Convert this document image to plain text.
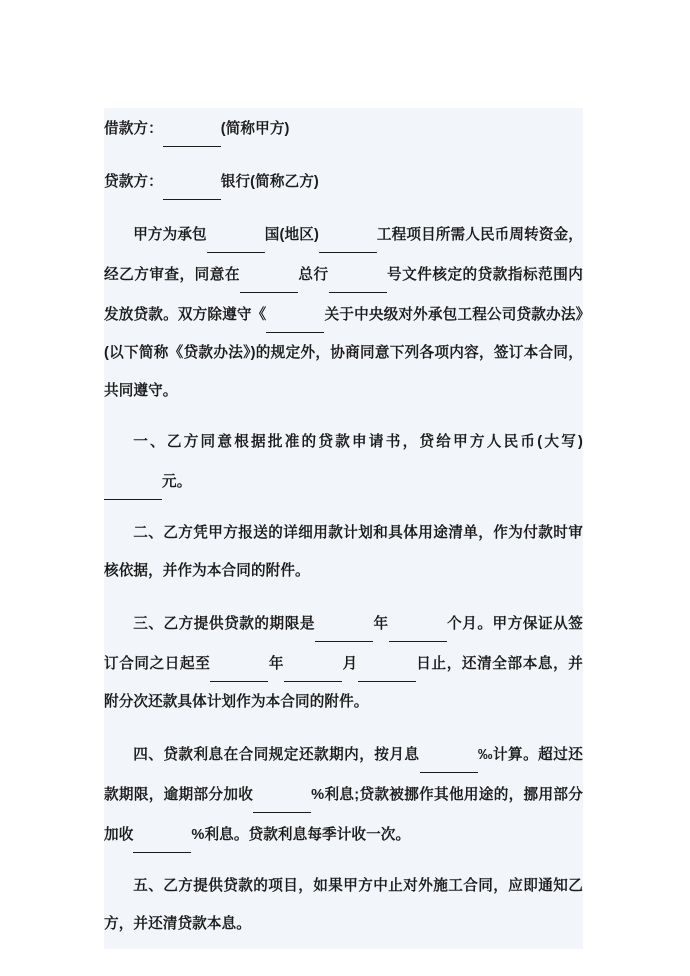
借款方：	(简称甲方)

贷款方：	银行(简称乙方)

甲方为承包	国(地区)	工程项目所需人民币周转资金，经乙方审查，同意在	总行	号文件核定的贷款指标范围内发放贷款。双方除遵守《	关于中央级对外承包工程公司贷款办法》(以下简称《贷款办法》)的规定外，协商同意下列各项内容，签订本合同，共同遵守。

一、乙方同意根据批准的贷款申请书，贷给甲方人民币(大写) 元。

二、乙方凭甲方报送的详细用款计划和具体用途清单，作为付款时审核依据，并作为本合同的附件。

三、乙方提供贷款的期限是	年	个月。甲方保证从签订合同之日起至	年	月	日止，还清全部本息，并附分次还款具体计划作为本合同的附件。

四、贷款利息在合同规定还款期内，按月息	‰计算。超过还款期限，逾期部分加收	%利息;贷款被挪作其他用途的，挪用部分加收	%利息。贷款利息每季计收一次。

五、乙方提供贷款的项目，如果甲方中止对外施工合同，应即通知乙方，并还清贷款本息。
